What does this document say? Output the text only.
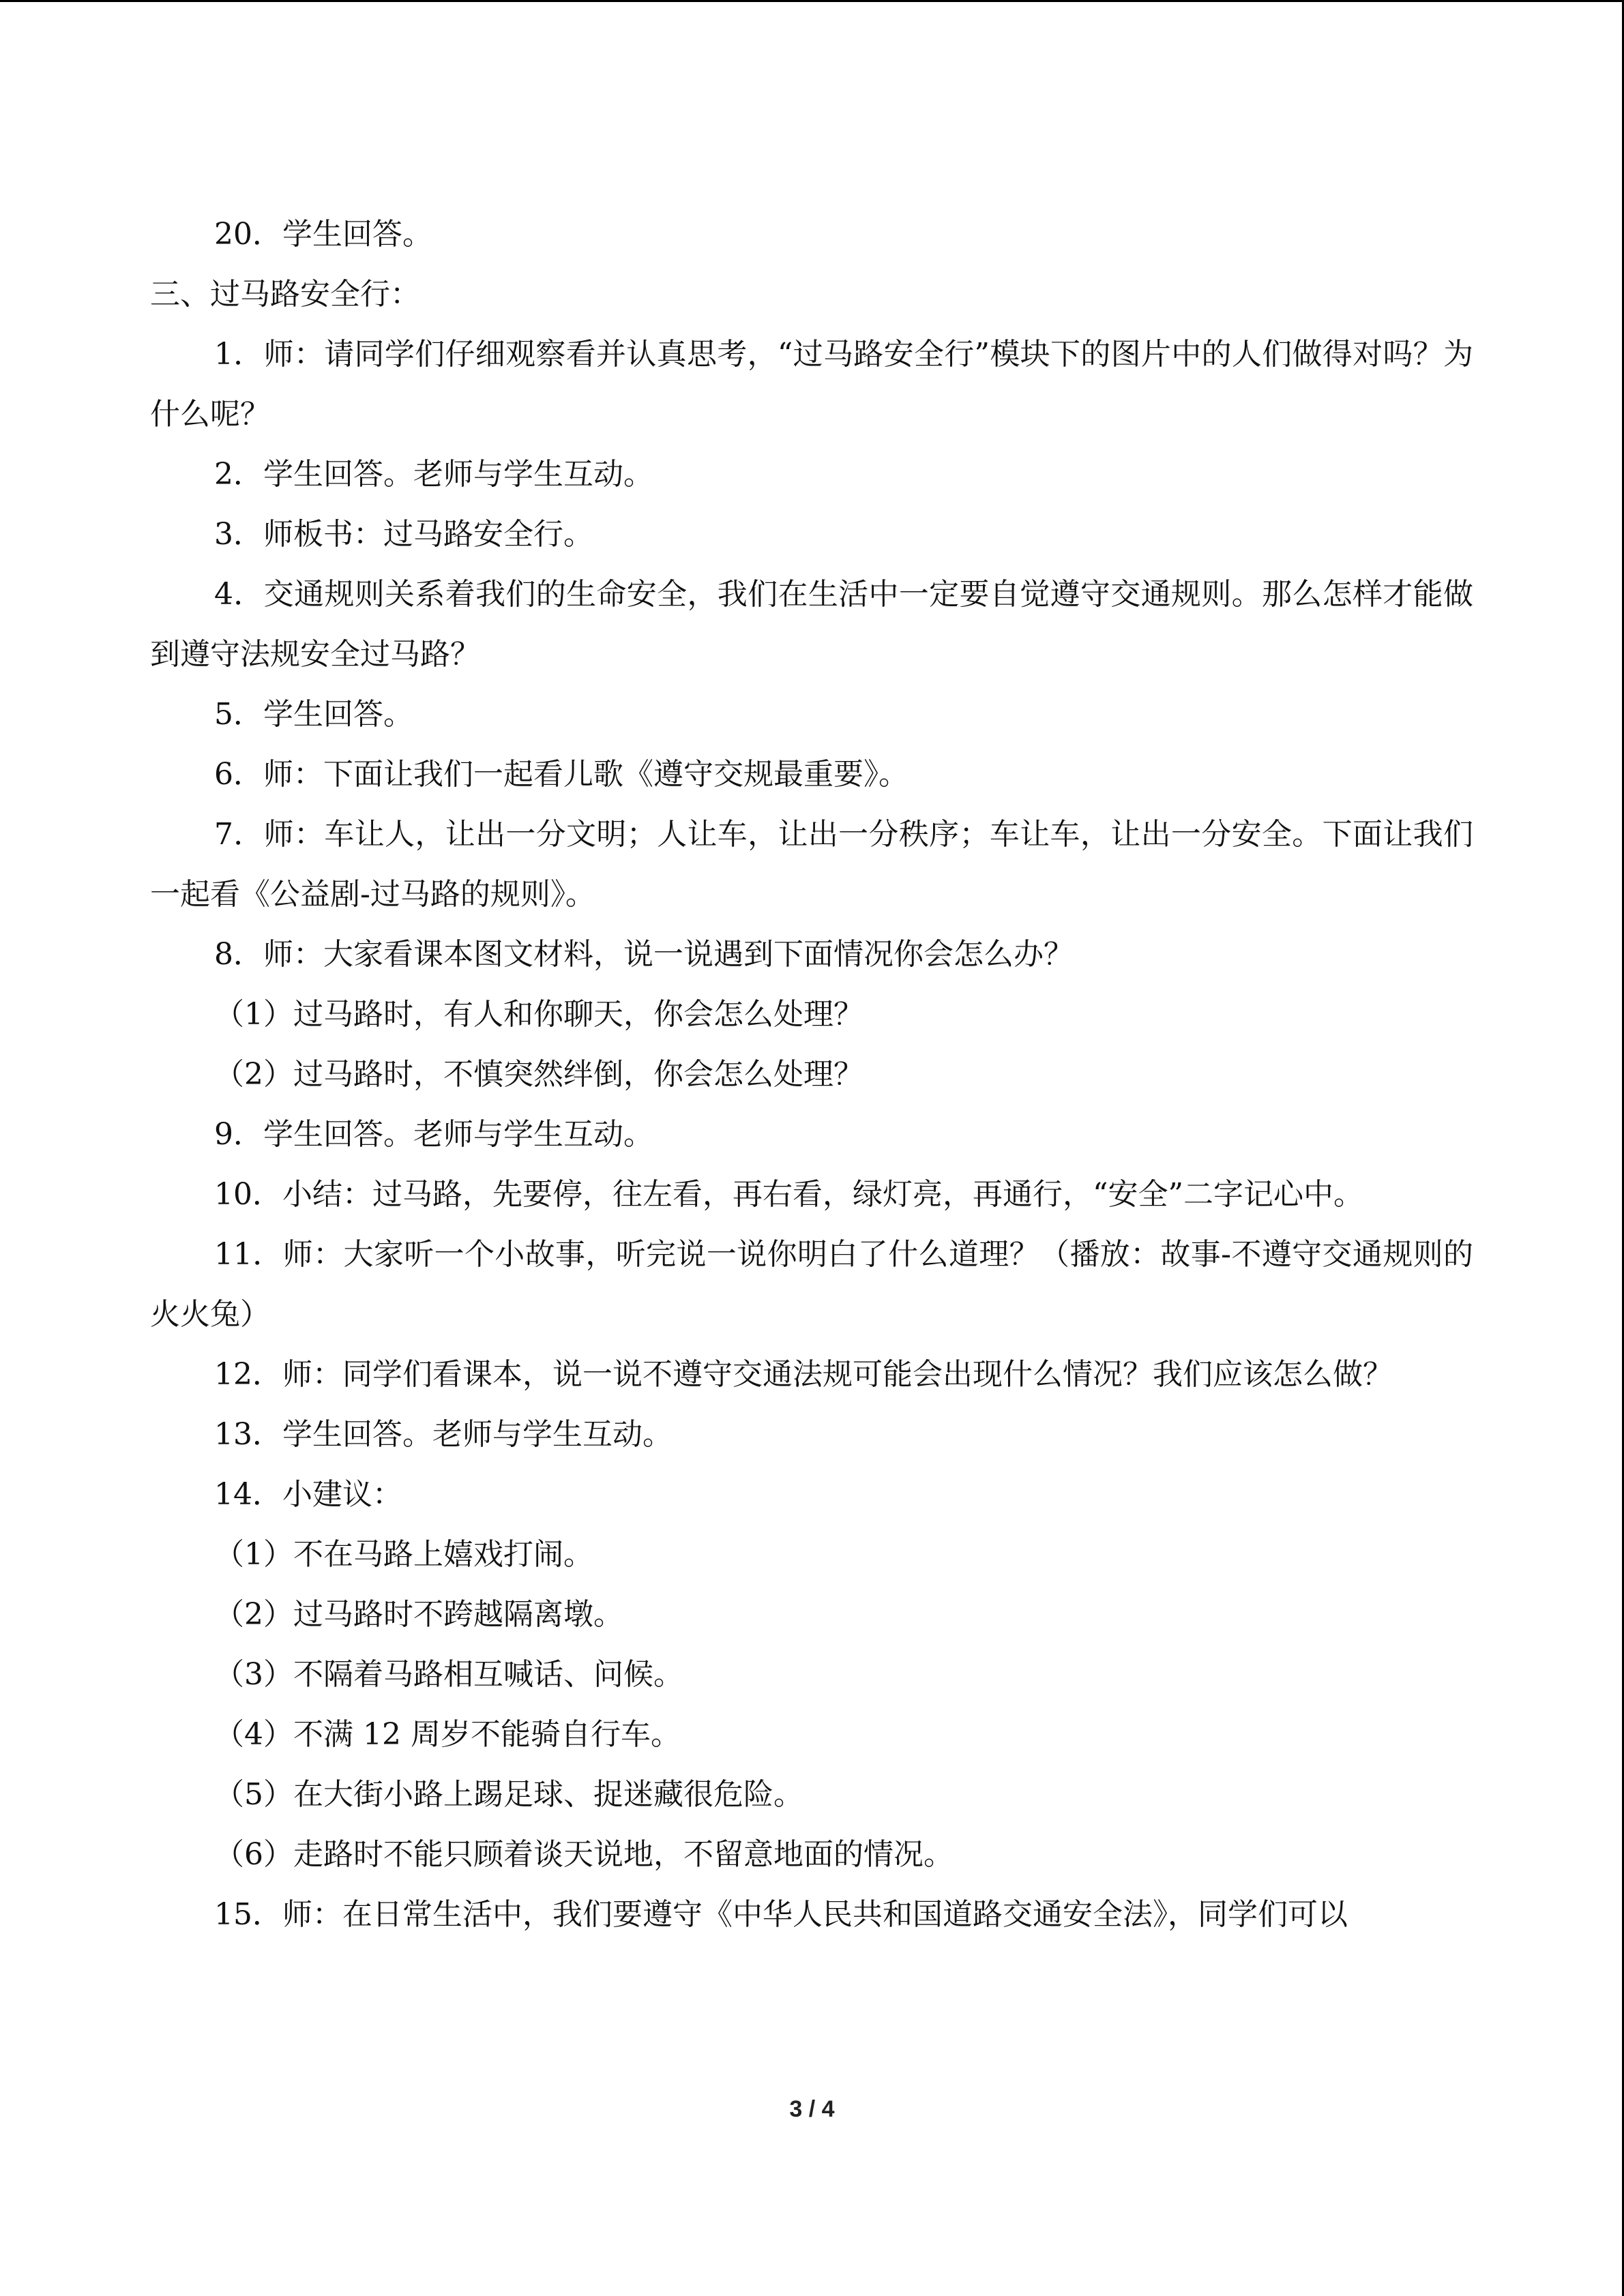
20．学生回答。

三、过马路安全行：

1．师：请同学们仔细观察看并认真思考，“过马路安全行”模块下的图片中的人们做得对吗？为什么呢？

2．学生回答。老师与学生互动。

3．师板书：过马路安全行。

4．交通规则关系着我们的生命安全，我们在生活中一定要自觉遵守交通规则。那么怎样才能做到遵守法规安全过马路？

5．学生回答。

6．师：下面让我们一起看儿歌《遵守交规最重要》。

7．师：车让人，让出一分文明；人让车，让出一分秩序；车让车，让出一分安全。下面让我们一起看《公益剧-过马路的规则》。

8．师：大家看课本图文材料，说一说遇到下面情况你会怎么办？

（1）过马路时，有人和你聊天，你会怎么处理？

（2）过马路时，不慎突然绊倒，你会怎么处理？

9．学生回答。老师与学生互动。

10．小结：过马路，先要停，往左看，再右看，绿灯亮，再通行，“安全”二字记心中。

11．师：大家听一个小故事，听完说一说你明白了什么道理？（播放：故事-不遵守交通规则的火火兔）

12．师：同学们看课本，说一说不遵守交通法规可能会出现什么情况？我们应该怎么做？

13．学生回答。老师与学生互动。

14．小建议：

（1）不在马路上嬉戏打闹。

（2）过马路时不跨越隔离墩。

（3）不隔着马路相互喊话、问候。

（4）不满 12 周岁不能骑自行车。

（5）在大街小路上踢足球、捉迷藏很危险。

（6）走路时不能只顾着谈天说地，不留意地面的情况。

15．师：在日常生活中，我们要遵守《中华人民共和国道路交通安全法》，同学们可以

3 / 4
